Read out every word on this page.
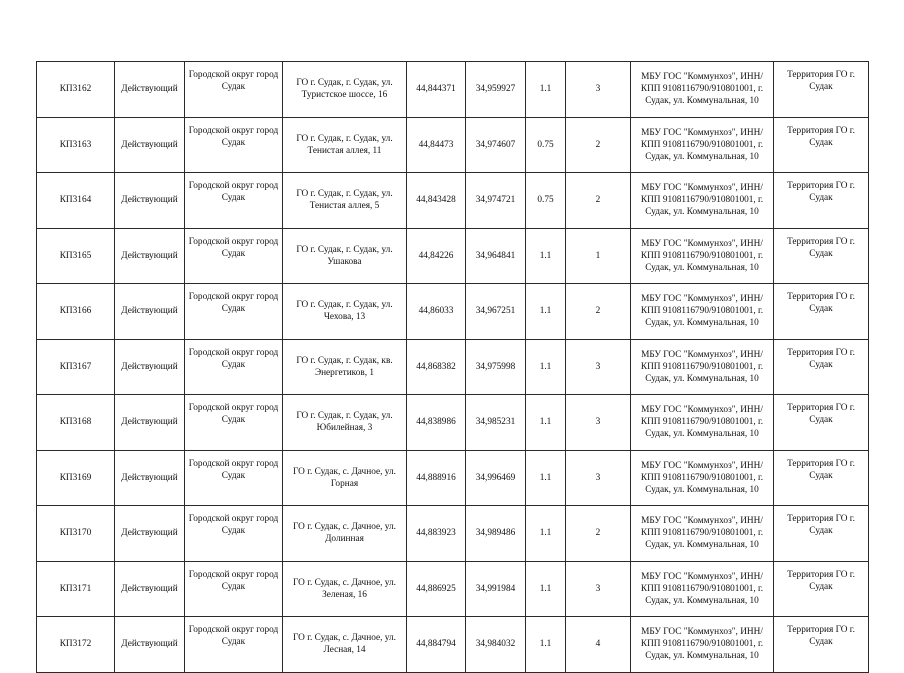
КП3162	Действующий	Городской округ город Судак	ГО г. Судак, г. Судак, ул. Туристское шоссе, 16	44,844371	34,959927	1.1	3	МБУ ГОС "Коммунхоз", ИНН/КПП 9108116790/910801001, г. Судак, ул. Коммунальная, 10	Территория ГО г. Судак

КП3163	Действующий	Городской округ город Судак	ГО г. Судак, г. Судак, ул. Тенистая аллея, 11	44,84473	34,974607	0.75	2	МБУ ГОС "Коммунхоз", ИНН/КПП 9108116790/910801001, г. Судак, ул. Коммунальная, 10	Территория ГО г. Судак

КП3164	Действующий	Городской округ город Судак	ГО г. Судак, г. Судак, ул. Тенистая аллея, 5	44,843428	34,974721	0.75	2	МБУ ГОС "Коммунхоз", ИНН/КПП 9108116790/910801001, г. Судак, ул. Коммунальная, 10	Территория ГО г. Судак

КП3165	Действующий	Городской округ город Судак	ГО г. Судак, г. Судак, ул. Ушакова	44,84226	34,964841	1.1	1	МБУ ГОС "Коммунхоз", ИНН/КПП 9108116790/910801001, г. Судак, ул. Коммунальная, 10	Территория ГО г. Судак

КП3166	Действующий	Городской округ город Судак	ГО г. Судак, г. Судак, ул. Чехова, 13	44,86033	34,967251	1.1	2	МБУ ГОС "Коммунхоз", ИНН/КПП 9108116790/910801001, г. Судак, ул. Коммунальная, 10	Территория ГО г. Судак

КП3167	Действующий	Городской округ город Судак	ГО г. Судак, г. Судак, кв. Энергетиков, 1	44,868382	34,975998	1.1	3	МБУ ГОС "Коммунхоз", ИНН/КПП 9108116790/910801001, г. Судак, ул. Коммунальная, 10	Территория ГО г. Судак

КП3168	Действующий	Городской округ город Судак	ГО г. Судак, г. Судак, ул. Юбилейная, 3	44,838986	34,985231	1.1	3	МБУ ГОС "Коммунхоз", ИНН/КПП 9108116790/910801001, г. Судак, ул. Коммунальная, 10	Территория ГО г. Судак

КП3169	Действующий	Городской округ город Судак	ГО г. Судак, с. Дачное, ул. Горная	44,888916	34,996469	1.1	3	МБУ ГОС "Коммунхоз", ИНН/КПП 9108116790/910801001, г. Судак, ул. Коммунальная, 10	Территория ГО г. Судак

КП3170	Действующий	Городской округ город Судак	ГО г. Судак, с. Дачное, ул. Долинная	44,883923	34,989486	1.1	2	МБУ ГОС "Коммунхоз", ИНН/КПП 9108116790/910801001, г. Судак, ул. Коммунальная, 10	Территория ГО г. Судак

КП3171	Действующий	Городской округ город Судак	ГО г. Судак, с. Дачное, ул. Зеленая, 16	44,886925	34,991984	1.1	3	МБУ ГОС "Коммунхоз", ИНН/КПП 9108116790/910801001, г. Судак, ул. Коммунальная, 10	Территория ГО г. Судак

КП3172	Действующий	Городской округ город Судак	ГО г. Судак, с. Дачное, ул. Лесная, 14	44,884794	34,984032	1.1	4	МБУ ГОС "Коммунхоз", ИНН/КПП 9108116790/910801001, г. Судак, ул. Коммунальная, 10	Территория ГО г. Судак
